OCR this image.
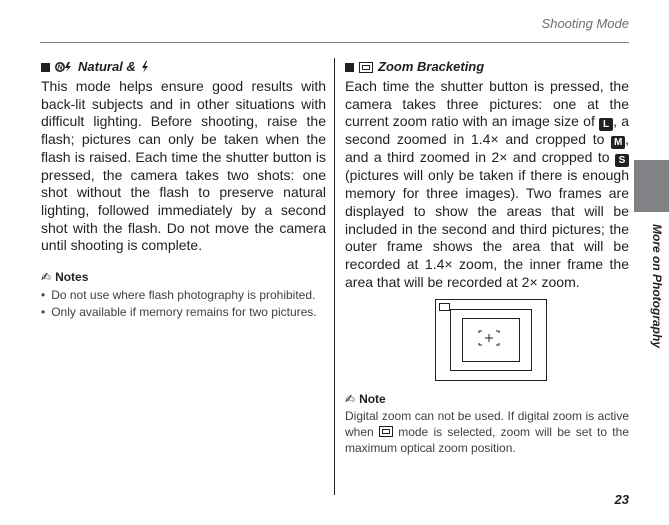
Shooting Mode
N Natural &

This mode helps ensure good results with back-lit subjects and in other situations with difficult lighting. Before shooting, raise the flash; pictures can only be taken when the flash is raised. Each time the shutter button is pressed, the camera takes two shots: one shot without the flash to preserve natural lighting, followed immediately by a second shot with the flash. Do not move the camera until shooting is complete.

✍ Notes
• Do not use where flash photography is prohibited.
• Only available if memory remains for two pictures.
Zoom Bracketing

Each time the shutter button is pressed, the camera takes three pictures: one at the current zoom ratio with an image size of L , a second zoomed in 1.4× and cropped to M , and a third zoomed in 2× and cropped to S (pictures will only be taken if there is enough memory for three images). Two frames are displayed to show the areas that will be included in the second and third pictures; the outer frame shows the area that will be recorded at 1.4× zoom, the inner frame the area that will be recorded at 2× zoom.

✍ Note

Digital zoom can not be used. If digital zoom is active when  mode is selected, zoom will be set to the maximum optical zoom position.

More on Photography
23
